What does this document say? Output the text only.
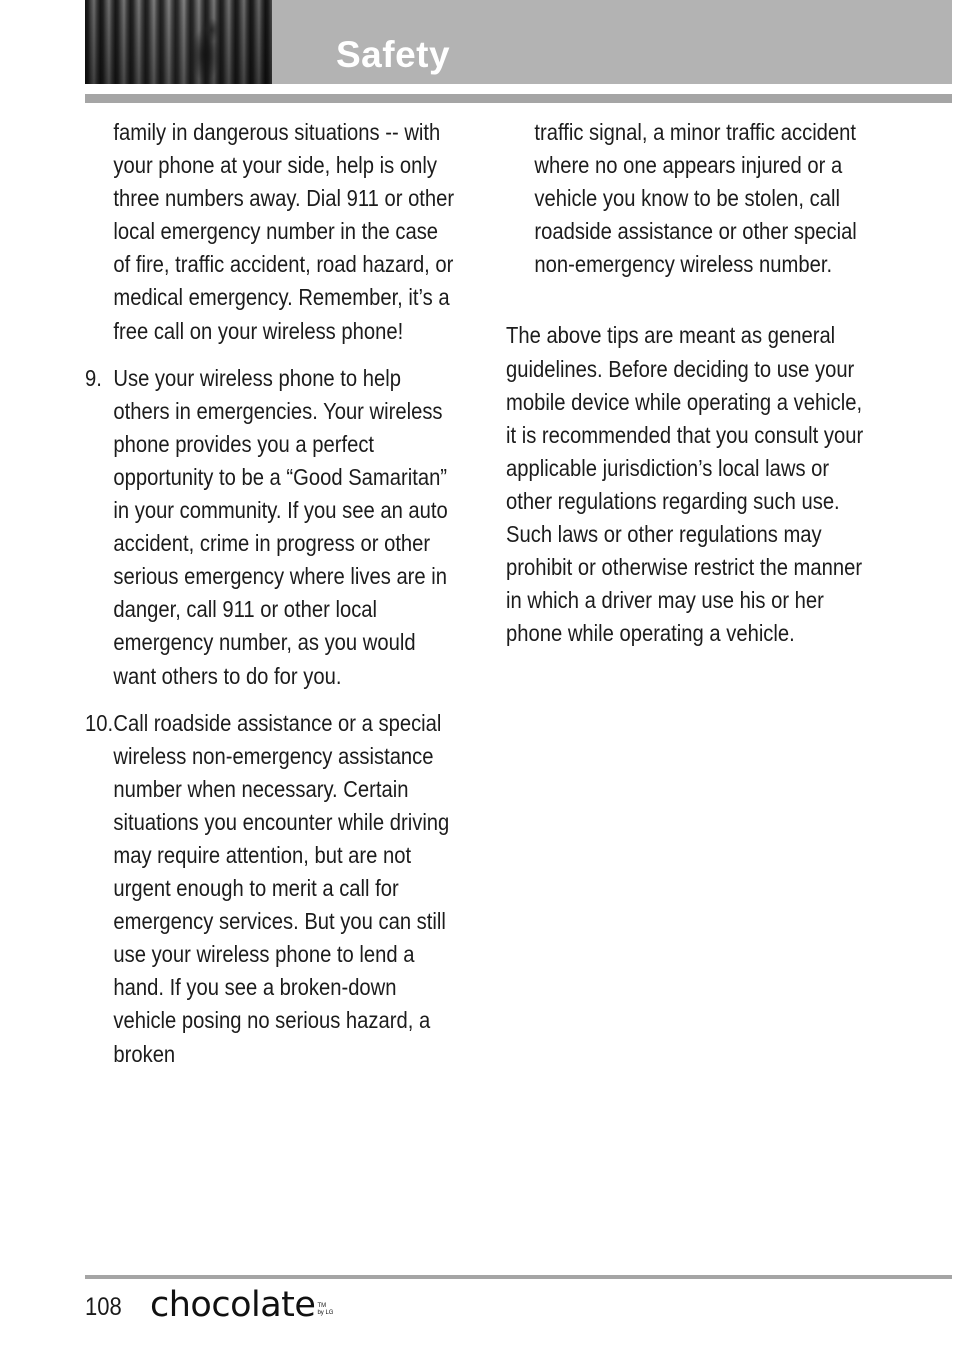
Safety

family in dangerous situations -- with your phone at your side, help is only three numbers away. Dial 911 or other local emergency number in the case of fire, traffic accident, road hazard, or medical emergency. Remember, it’s a free call on your wireless phone!

9. Use your wireless phone to help others in emergencies. Your wireless phone provides you a perfect opportunity to be a “Good Samaritan” in your community. If you see an auto accident, crime in progress or other serious emergency where lives are in danger, call 911 or other local emergency number, as you would want others to do for you.

10. Call roadside assistance or a special wireless non-emergency assistance number when necessary. Certain situations you encounter while driving may require attention, but are not urgent enough to merit a call for emergency services. But you can still use your wireless phone to lend a hand. If you see a broken-down vehicle posing no serious hazard, a broken

traffic signal, a minor traffic accident where no one appears injured or a vehicle you know to be stolen, call roadside assistance or other special non-emergency wireless number.

The above tips are meant as general guidelines. Before deciding to use your mobile device while operating a vehicle, it is recommended that you consult your applicable jurisdiction’s local laws or other regulations regarding such use. Such laws or other regulations may prohibit or otherwise restrict the manner in which a driver may use his or her phone while operating a vehicle.

108 chocolate TM
by LG
